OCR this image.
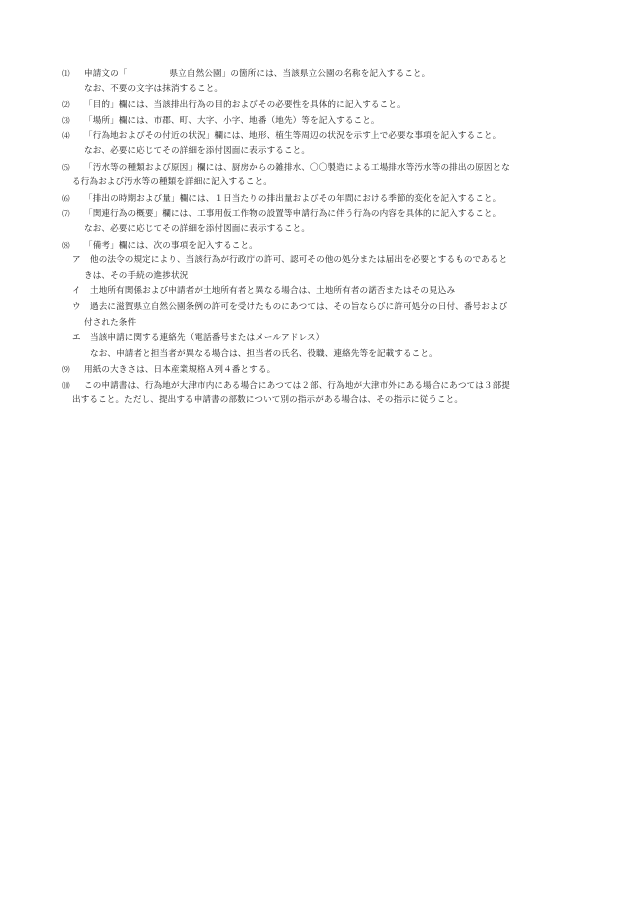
⑴ 申請文の「	県立自然公園」の箇所には、当該県立公園の名称を記入すること。
なお、不要の文字は抹消すること。
⑵ 「目的」欄には、当該排出行為の目的およびその必要性を具体的に記入すること。
⑶ 「場所」欄には、市郡、町、大字、小字、地番（地先）等を記入すること。
⑷ 「行為地およびその付近の状況」欄には、地形、植生等周辺の状況を示す上で必要な事項を記入すること。
なお、必要に応じてその詳細を添付図面に表示すること。
⑸ 「汚水等の種類および原因」欄には、厨房からの雑排水、〇〇製造による工場排水等汚水等の排出の原因とな
る行為および汚水等の種類を詳細に記入すること。
⑹ 「排出の時期および量」欄には、１日当たりの排出量およびその年間における季節的変化を記入すること。
⑺ 「関連行為の概要」欄には、工事用仮工作物の設置等申請行為に伴う行為の内容を具体的に記入すること。
なお、必要に応じてその詳細を添付図面に表示すること。
⑻ 「備考」欄には、次の事項を記入すること。
ア 他の法令の規定により、当該行為が行政庁の許可、認可その他の処分または届出を必要とするものであると
きは、その手続の進捗状況
イ 土地所有関係および申請者が土地所有者と異なる場合は、土地所有者の諾否またはその見込み
ウ 過去に滋賀県立自然公園条例の許可を受けたものにあつては、その旨ならびに許可処分の日付、番号および
付された条件
エ 当該申請に関する連絡先（電話番号またはメールアドレス）
なお、申請者と担当者が異なる場合は、担当者の氏名、役職、連絡先等を記載すること。
⑼ 用紙の大きさは、日本産業規格Ａ列４番とする。
⑽ この申請書は、行為地が大津市内にある場合にあつては２部、行為地が大津市外にある場合にあつては３部提
出すること。ただし、提出する申請書の部数について別の指示がある場合は、その指示に従うこと。
